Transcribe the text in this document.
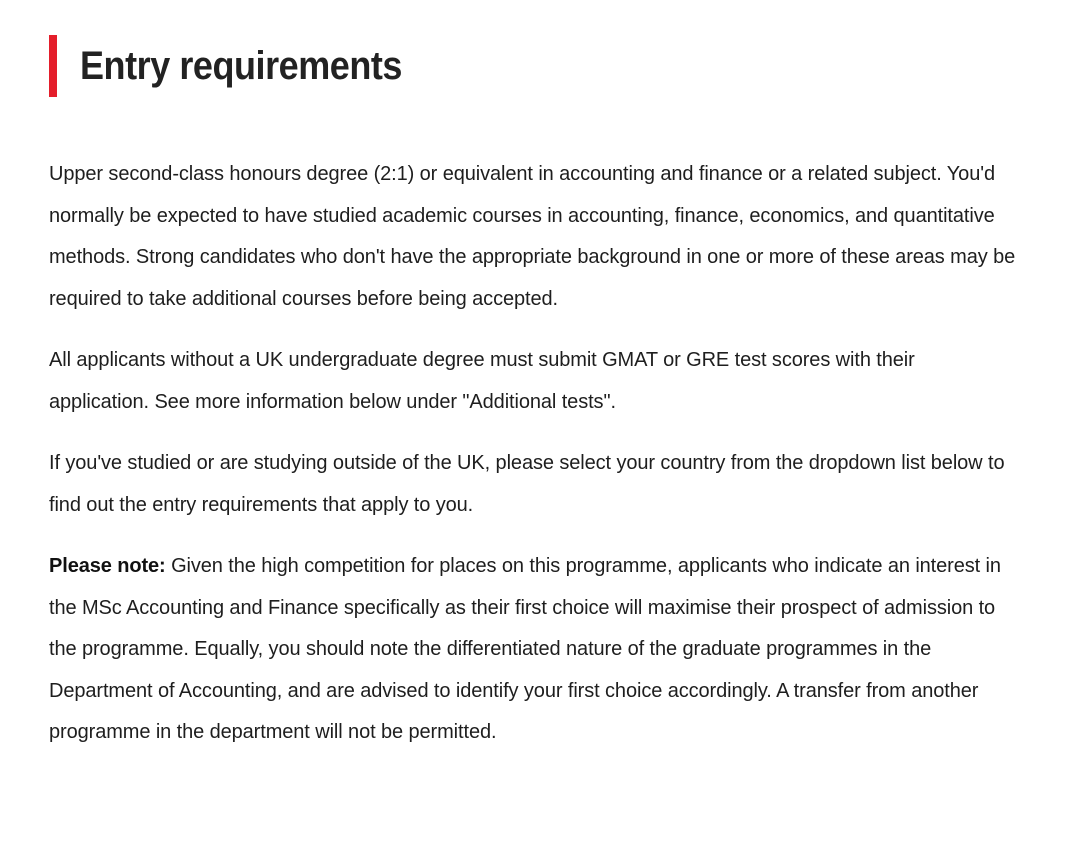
Entry requirements

Upper second-class honours degree (2:1) or equivalent in accounting and finance or a related subject. You'd normally be expected to have studied academic courses in accounting, finance, economics, and quantitative methods. Strong candidates who don't have the appropriate background in one or more of these areas may be required to take additional courses before being accepted.

All applicants without a UK undergraduate degree must submit GMAT or GRE test scores with their application. See more information below under "Additional tests".

If you've studied or are studying outside of the UK, please select your country from the dropdown list below to find out the entry requirements that apply to you.

Please note: Given the high competition for places on this programme, applicants who indicate an interest in the MSc Accounting and Finance specifically as their first choice will maximise their prospect of admission to the programme. Equally, you should note the differentiated nature of the graduate programmes in the Department of Accounting, and are advised to identify your first choice accordingly. A transfer from another programme in the department will not be permitted.
